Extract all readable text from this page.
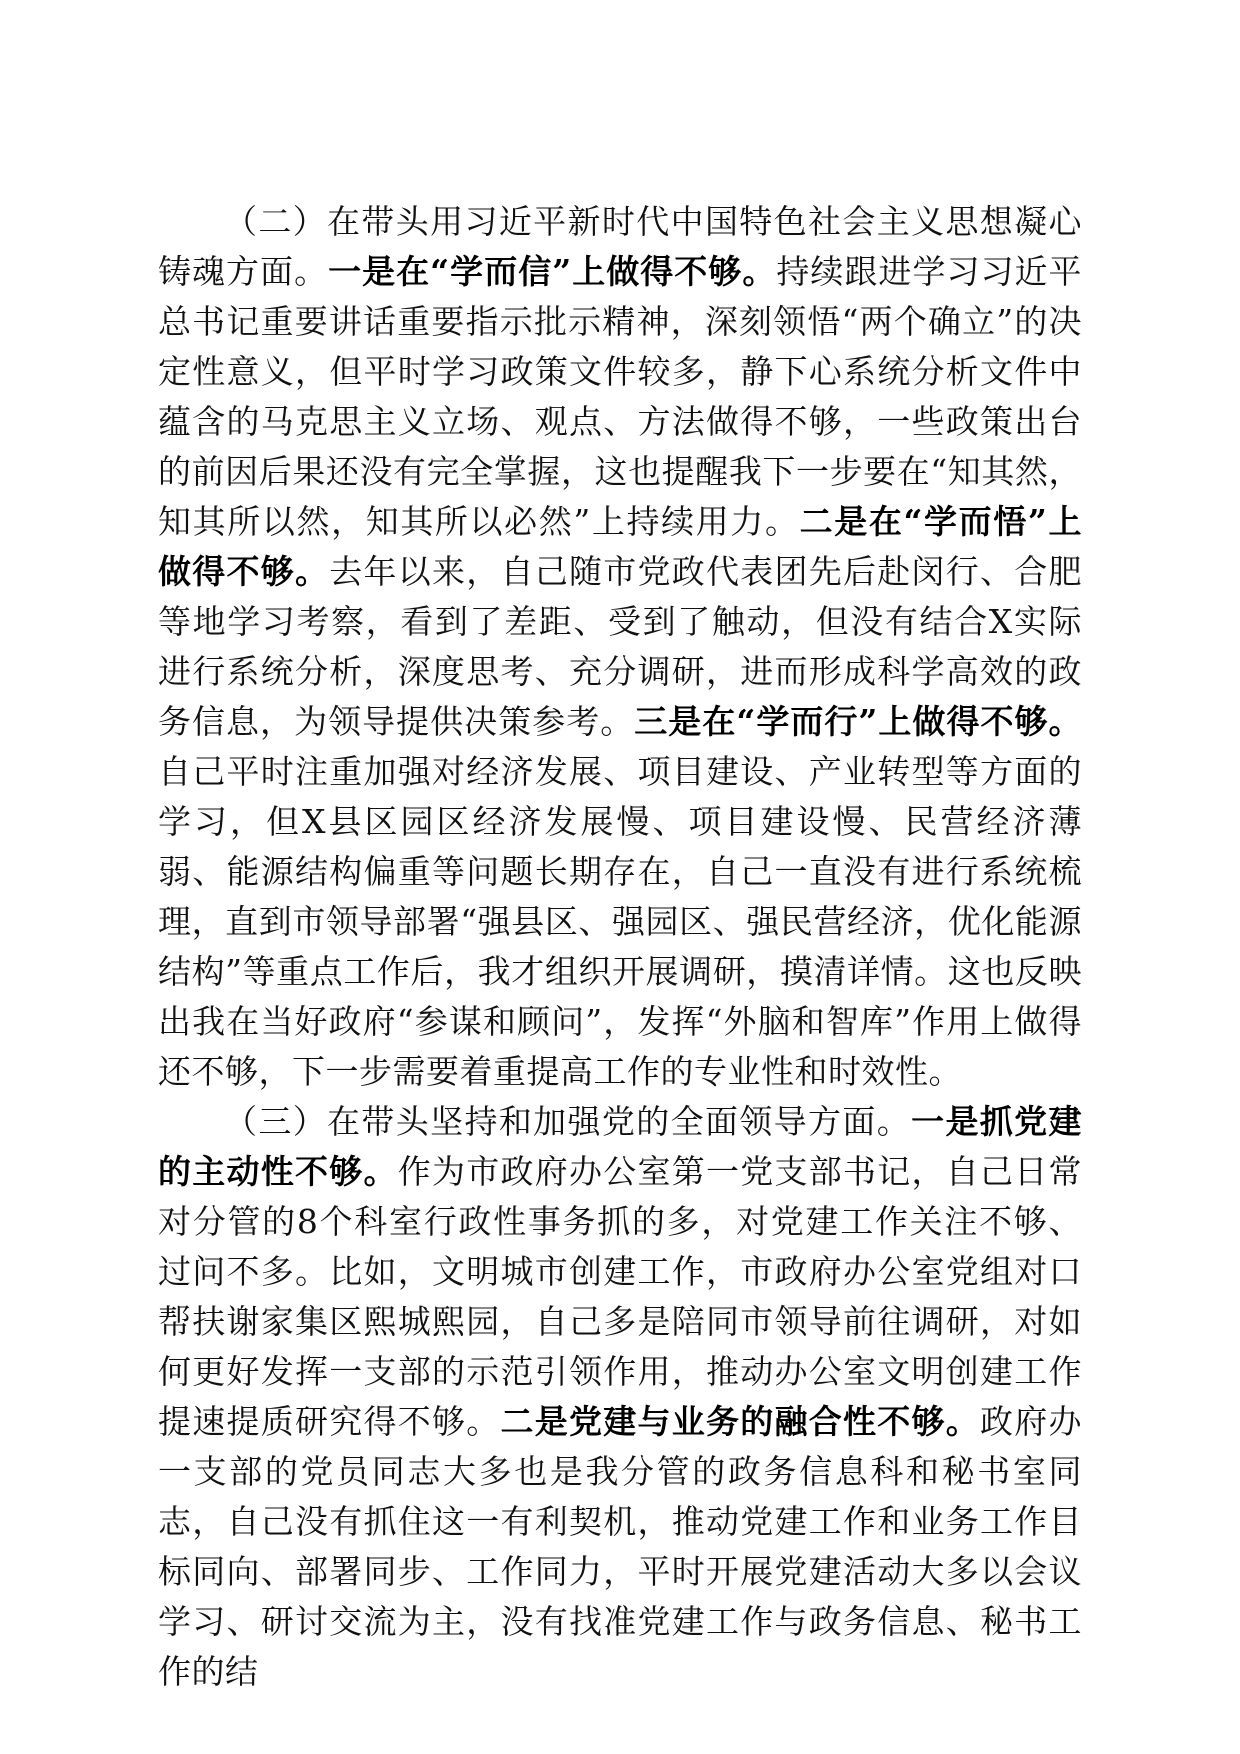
（二）在带头用习近平新时代中国特色社会主义思想凝心铸魂方面。一是在“学而信”上做得不够。持续跟进学习习近平总书记重要讲话重要指示批示精神，深刻领悟“两个确立”的决定性意义，但平时学习政策文件较多，静下心系统分析文件中蕴含的马克思主义立场、观点、方法做得不够，一些政策出台的前因后果还没有完全掌握，这也提醒我下一步要在“知其然，知其所以然，知其所以必然”上持续用力。二是在“学而悟”上做得不够。去年以来，自己随市党政代表团先后赴闵行、合肥等地学习考察，看到了差距、受到了触动，但没有结合X实际进行系统分析，深度思考、充分调研，进而形成科学高效的政务信息，为领导提供决策参考。三是在“学而行”上做得不够。自己平时注重加强对经济发展、项目建设、产业转型等方面的学习，但X县区园区经济发展慢、项目建设慢、民营经济薄弱、能源结构偏重等问题长期存在，自己一直没有进行系统梳理，直到市领导部署“强县区、强园区、强民营经济，优化能源结构”等重点工作后，我才组织开展调研，摸清详情。这也反映出我在当好政府“参谋和顾问”，发挥“外脑和智库”作用上做得还不够，下一步需要着重提高工作的专业性和时效性。

（三）在带头坚持和加强党的全面领导方面。一是抓党建的主动性不够。作为市政府办公室第一党支部书记，自己日常对分管的8个科室行政性事务抓的多，对党建工作关注不够、过问不多。比如，文明城市创建工作，市政府办公室党组对口帮扶谢家集区熙城熙园，自己多是陪同市领导前往调研，对如何更好发挥一支部的示范引领作用，推动办公室文明创建工作提速提质研究得不够。二是党建与业务的融合性不够。政府办一支部的党员同志大多也是我分管的政务信息科和秘书室同志，自己没有抓住这一有利契机，推动党建工作和业务工作目标同向、部署同步、工作同力，平时开展党建活动大多以会议学习、研讨交流为主，没有找准党建工作与政务信息、秘书工作的结
